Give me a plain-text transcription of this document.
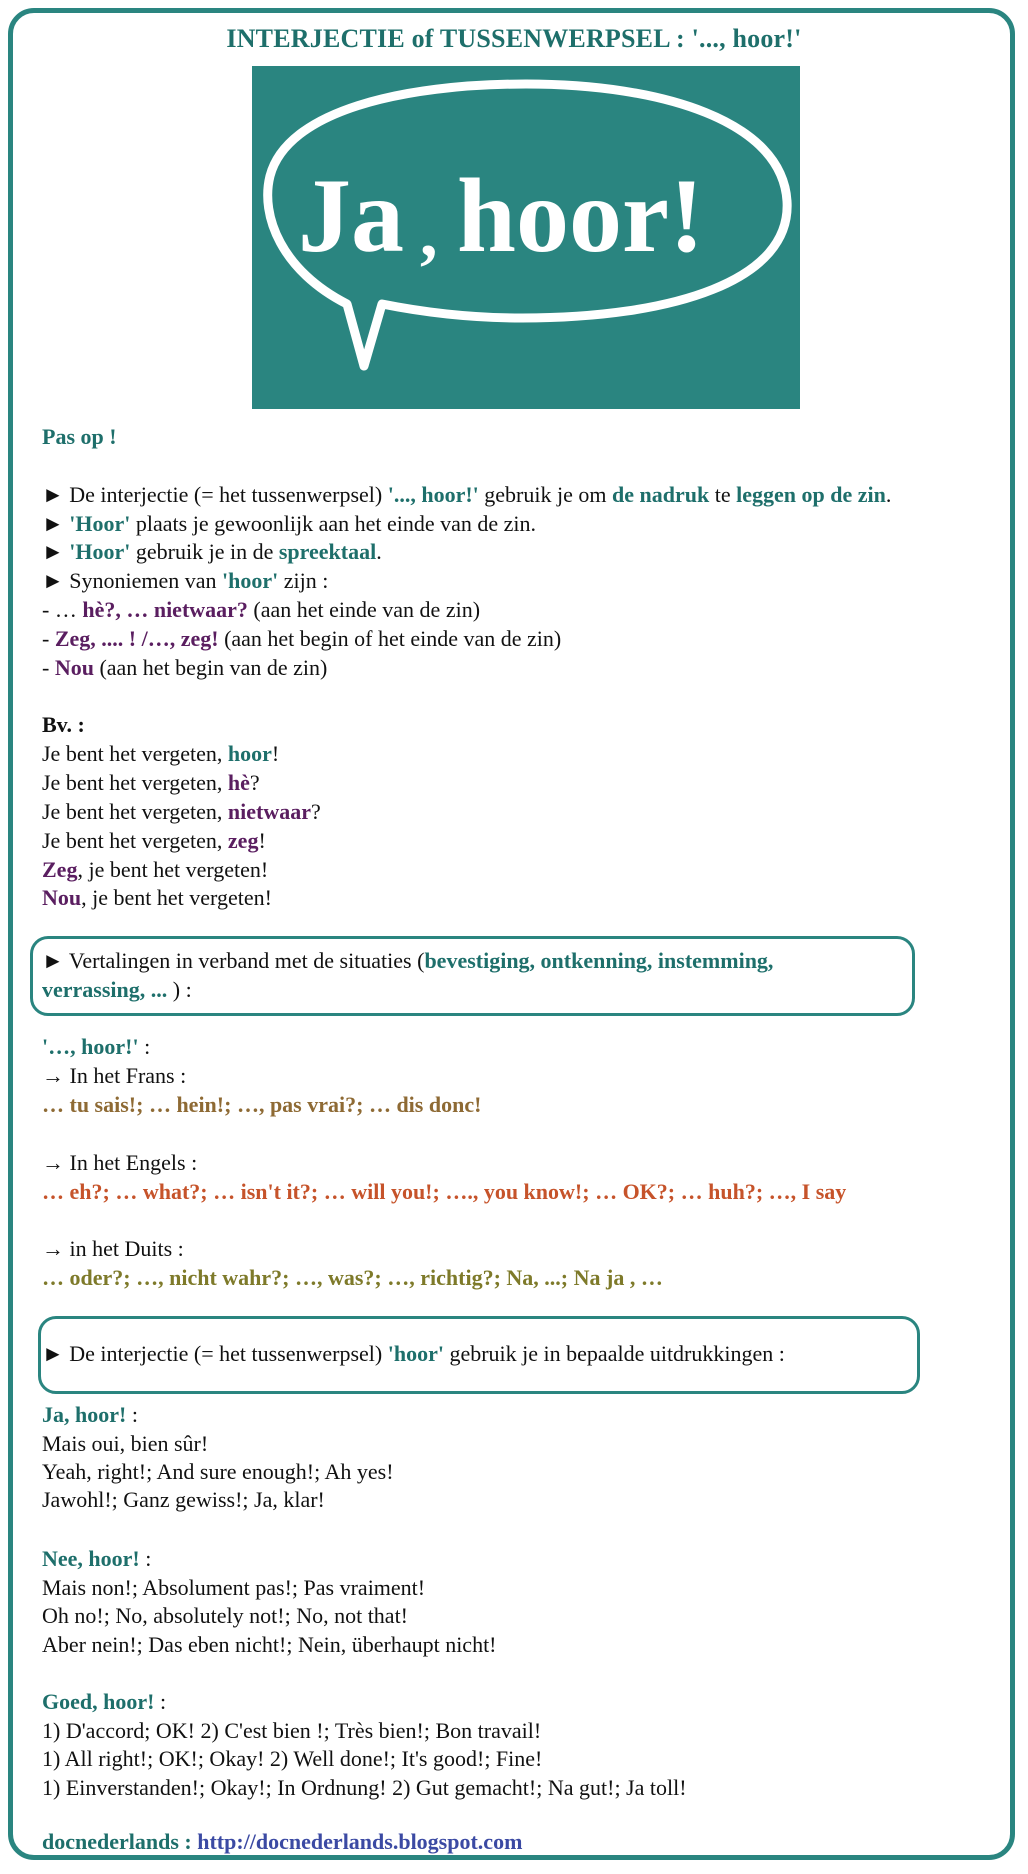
INTERJECTIE of TUSSENWERPSEL : '..., hoor!'
Ja , hoor!
Pas op !
► De interjectie (= het tussenwerpsel) '..., hoor!' gebruik je om de nadruk te leggen op de zin.
► 'Hoor' plaats je gewoonlijk aan het einde van de zin.
► 'Hoor' gebruik je in de spreektaal.
► Synoniemen van 'hoor' zijn :
- … hè?, … nietwaar? (aan het einde van de zin)
- Zeg, .... ! /…, zeg! (aan het begin of het einde van de zin)
- Nou (aan het begin van de zin)
Bv. :
Je bent het vergeten, hoor!
Je bent het vergeten, hè?
Je bent het vergeten, nietwaar?
Je bent het vergeten, zeg!
Zeg, je bent het vergeten!
Nou, je bent het vergeten!
► Vertalingen in verband met de situaties (bevestiging, ontkenning, instemming,
verrassing, ... ) :
'…, hoor!' :
→ In het Frans :
… tu sais!; … hein!; …, pas vrai?; … dis donc!
→ In het Engels :
… eh?; … what?; … isn't it?; … will you!; …., you know!; … OK?; … huh?; …, I say
→ in het Duits :
… oder?; …, nicht wahr?; …, was?; …, richtig?; Na, ...; Na ja , …
► De interjectie (= het tussenwerpsel) 'hoor' gebruik je in bepaalde uitdrukkingen :
Ja, hoor! :
Mais oui, bien sûr!
Yeah, right!; And sure enough!; Ah yes!
Jawohl!; Ganz gewiss!; Ja, klar!
Nee, hoor! :
Mais non!; Absolument pas!; Pas vraiment!
Oh no!; No, absolutely not!; No, not that!
Aber nein!; Das eben nicht!; Nein, überhaupt nicht!
Goed, hoor! :
1) D'accord; OK! 2) C'est bien !; Très bien!; Bon travail!
1) All right!; OK!; Okay! 2) Well done!; It's good!; Fine!
1) Einverstanden!; Okay!; In Ordnung! 2) Gut gemacht!; Na gut!; Ja toll!
docnederlands : http://docnederlands.blogspot.com
